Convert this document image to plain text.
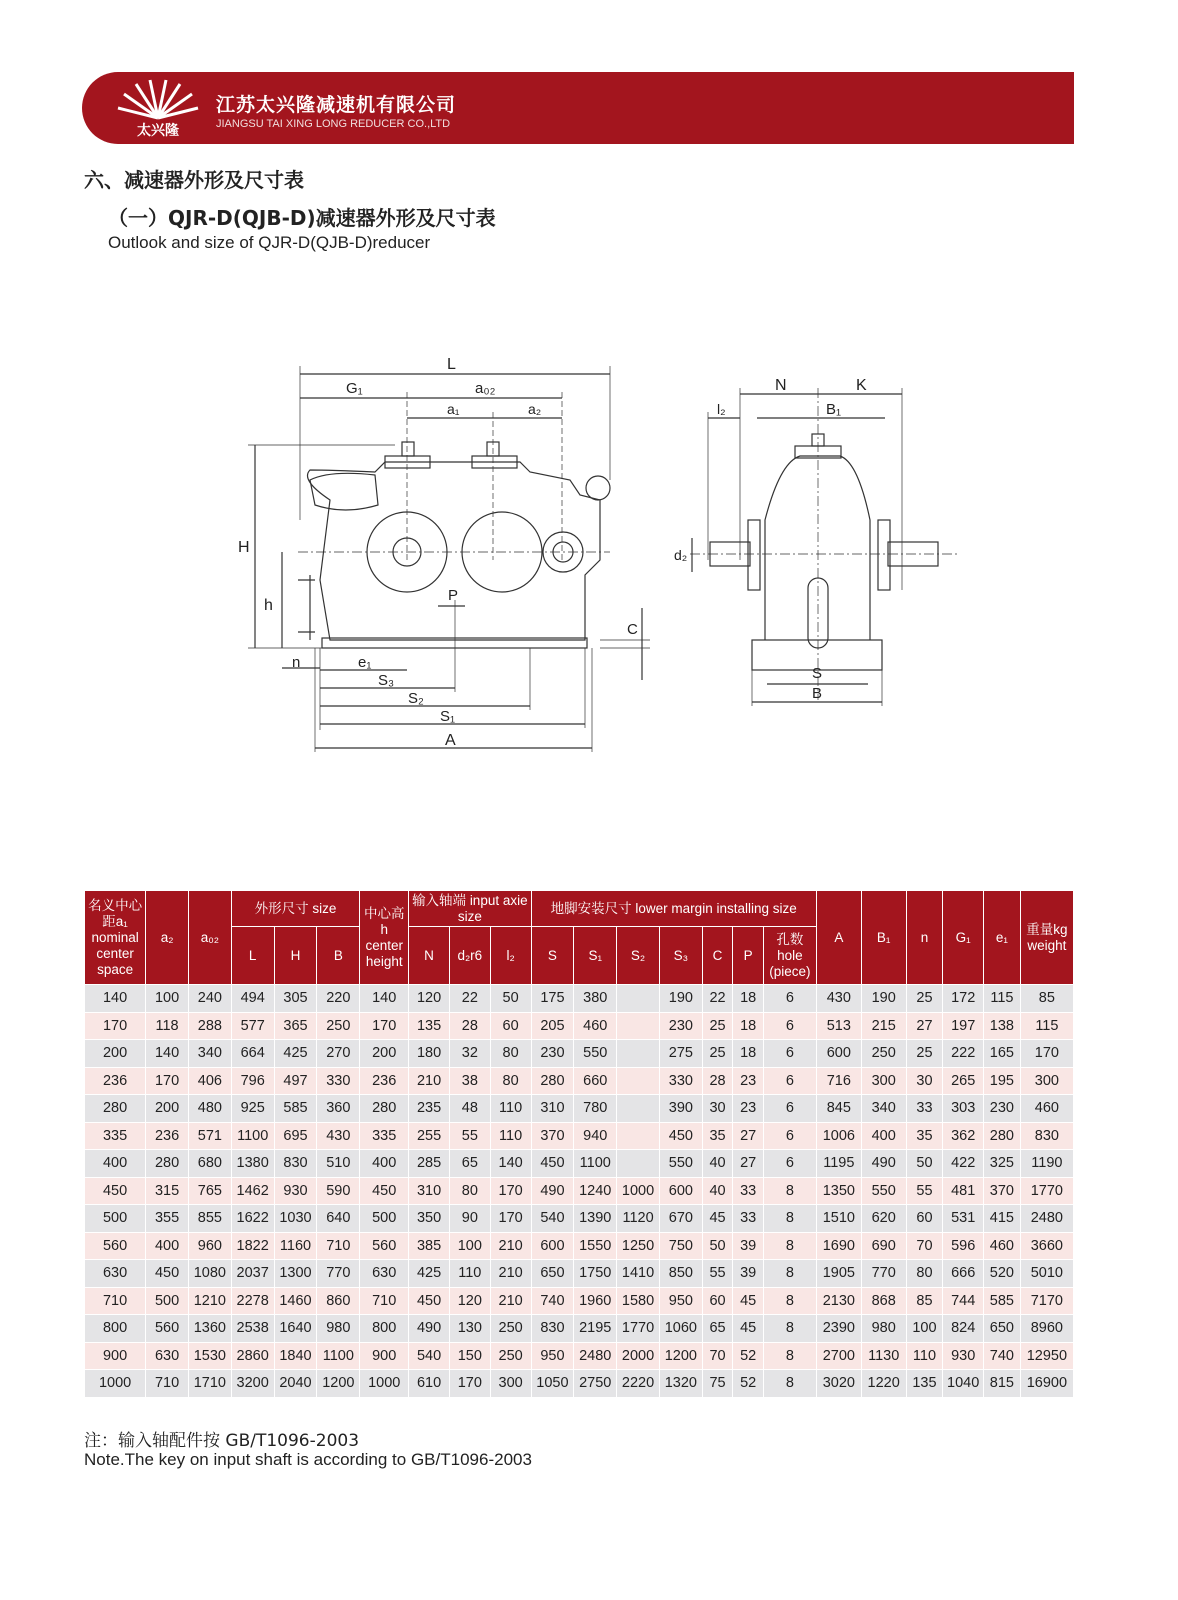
太兴隆
江苏太兴隆减速机有限公司
JIANGSU TAI XING LONG REDUCER CO.,LTD
六、减速器外形及尺寸表
（一）QJR-D(QJB-D)减速器外形及尺寸表
Outlook and size of QJR-D(QJB-D)reducer
L
G₁	a₀₂
a₁	a₂
H
h
P
C
n	e₁
S₃
S₂
S₁
A
N	K
l₂	B₁
d₂
S
B
名义中心距a₁ nominal center space	a₂	a₀₂	外形尺寸 size			中心高h center height	输入轴端 input axie size			地脚安装尺寸 lower margin installing size							A	B₁	n	G₁	e₁	重量kg weight
			L	H	B		N	d₂r6	l₂	S	S₁	S₂	S₃	C	P	孔数 hole (piece)						
140	100	240	494	305	220	140	120	22	50	175	380		190	22	18	6	430	190	25	172	115	85
170	118	288	577	365	250	170	135	28	60	205	460		230	25	18	6	513	215	27	197	138	115
200	140	340	664	425	270	200	180	32	80	230	550		275	25	18	6	600	250	25	222	165	170
236	170	406	796	497	330	236	210	38	80	280	660		330	28	23	6	716	300	30	265	195	300
280	200	480	925	585	360	280	235	48	110	310	780		390	30	23	6	845	340	33	303	230	460
335	236	571	1100	695	430	335	255	55	110	370	940		450	35	27	6	1006	400	35	362	280	830
400	280	680	1380	830	510	400	285	65	140	450	1100		550	40	27	6	1195	490	50	422	325	1190
450	315	765	1462	930	590	450	310	80	170	490	1240	1000	600	40	33	8	1350	550	55	481	370	1770
500	355	855	1622	1030	640	500	350	90	170	540	1390	1120	670	45	33	8	1510	620	60	531	415	2480
560	400	960	1822	1160	710	560	385	100	210	600	1550	1250	750	50	39	8	1690	690	70	596	460	3660
630	450	1080	2037	1300	770	630	425	110	210	650	1750	1410	850	55	39	8	1905	770	80	666	520	5010
710	500	1210	2278	1460	860	710	450	120	210	740	1960	1580	950	60	45	8	2130	868	85	744	585	7170
800	560	1360	2538	1640	980	800	490	130	250	830	2195	1770	1060	65	45	8	2390	980	100	824	650	8960
900	630	1530	2860	1840	1100	900	540	150	250	950	2480	2000	1200	70	52	8	2700	1130	110	930	740	12950
1000	710	1710	3200	2040	1200	1000	610	170	300	1050	2750	2220	1320	75	52	8	3020	1220	135	1040	815	16900
注：输入轴配件按 GB/T1096-2003
Note.The key on input shaft is according to GB/T1096-2003
